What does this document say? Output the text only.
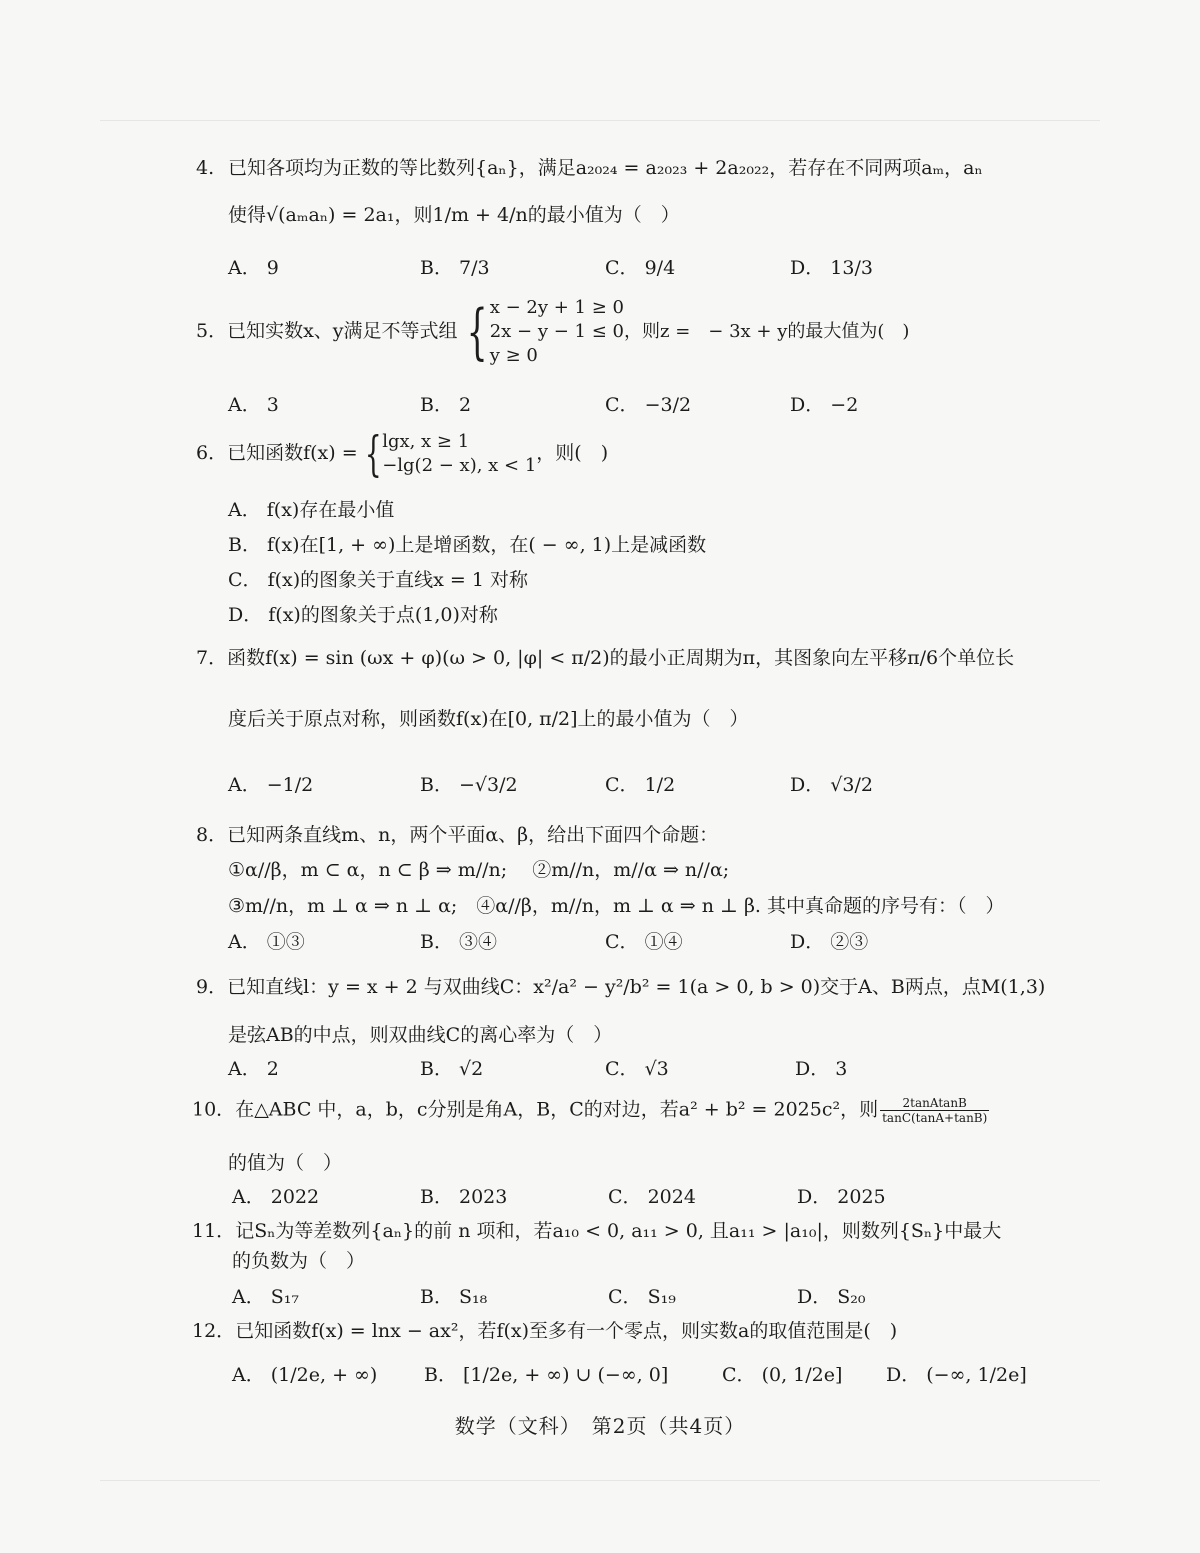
已知各项均为正数的等比数列{aₙ}，满足a₂₀₂₄ = a₂₀₂₃ + 2a₂₀₂₂，若存在不同两项aₘ，aₙ
使得√(aₘaₙ) = 2a₁，则1/m + 4/n的最小值为（　）
A． 9	B． 7/3	C． 9/4	D． 13/3
5．已知实数x、y满足不等式组 { x − 2y + 1 ≥ 0
2x − y − 1 ≤ 0，则z =　− 3x + y的最大值为(　)
y ≥ 0
A． 3	B． 2	C． −3/2	D． −2
6．已知函数f(x) = { lgx, x ≥ 1
−lg(2 − x), x < 1
，则(　)
A． f(x)存在最小值
B． f(x)在[1, + ∞)上是增函数，在( − ∞, 1)上是减函数
C． f(x)的图象关于直线x = 1 对称
D． f(x)的图象关于点(1,0)对称
7．函数f(x) = sin (ωx + φ)(ω > 0, |φ| < π/2)的最小正周期为π，其图象向左平移π/6个单位长
度后关于原点对称，则函数f(x)在[0, π/2]上的最小值为（　）
A． −1/2	B． −√3/2	C． 1/2	D． √3/2
8．已知两条直线m、n，两个平面α、β，给出下面四个命题：
①α//β，m ⊂ α，n ⊂ β ⇒ m//n;　 ②m//n，m//α ⇒ n//α;
③m//n，m ⊥ α ⇒ n ⊥ α;　④α//β，m//n，m ⊥ α ⇒ n ⊥ β. 其中真命题的序号有：（　）
A． ①③	B． ③④	C． ①④	D． ②③
9．已知直线l：y = x + 2 与双曲线C：x²/a² − y²/b² = 1(a > 0, b > 0)交于A、B两点，点M(1,3)
是弦AB的中点，则双曲线C的离心率为（　）
A． 2	B． √2	C． √3	D． 3
10．在△ABC 中，a，b，c分别是角A，B，C的对边，若a² + b² = 2025c²，则 $\frac{\text{2tanAtanB}}{\tan C(\tan A+\tan B)}$
的值为（　）
A． 2022	B． 2023	C． 2024	D． 2025
11．记Sₙ为等差数列{aₙ}的前 n 项和，若a₁₀ < 0, a₁₁ > 0, 且a₁₁ > |a₁₀|，则数列{Sₙ}中最大
的负数为（　）
A． S₁₇	B． S₁₈	C． S₁₉	D． S₂₀
12．已知函数f(x) = lnx − ax²，若f(x)至多有一个零点，则实数a的取值范围是(　)
A． (1/2e, + ∞) B． [1/2e, + ∞) ∪ (−∞, 0]	C． (0, 1/2e] D． (−∞, 1/2e]
4.
数学（文科）　第2页（共4页）
